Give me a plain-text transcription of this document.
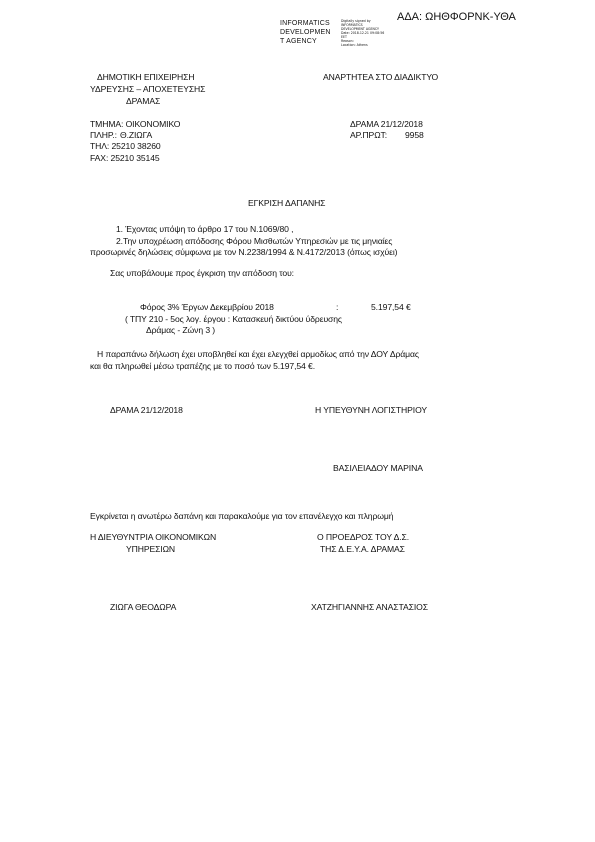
ΑΔΑ: ΩΗΘΦΟΡΝΚ-ΥΘΑ
INFORMATICS
DEVELOPMEN
T AGENCY
Digitally signed by
INFORMATICS
DEVELOPMENT AGENCY
Date: 2018.12.21 09:08:56
EET
Reason:
Location: Athens
ΔΗΜΟΤΙΚΗ ΕΠΙΧΕΙΡΗΣΗ
ΥΔΡΕΥΣΗΣ – ΑΠΟΧΕΤΕΥΣΗΣ
ΔΡΑΜΑΣ
ΑΝΑΡΤΗΤΕΑ ΣΤΟ ΔΙΑΔΙΚΤΥΟ
ΤΜΗΜΑ: ΟΙΚΟΝΟΜΙΚΟ
ΠΛΗΡ.: Θ.ΖΙΩΓΑ
ΤΗΛ: 25210 38260
FAX: 25210 35145
ΔΡΑΜΑ 21/12/2018
ΑΡ.ΠΡΩΤ: 9958
ΕΓΚΡΙΣΗ ΔΑΠΑΝΗΣ
1. Έχοντας υπόψη το άρθρο 17 του Ν.1069/80 ,
2.Την υποχρέωση απόδοσης Φόρου Μισθωτών Υπηρεσιών με τις μηνιαίες
προσωρινές δηλώσεις σύμφωνα με τον Ν.2238/1994 & Ν.4172/2013 (όπως ισχύει)
Σας υποβάλουμε προς έγκριση την απόδοση του:
Φόρος 3% Έργων Δεκεμβρίου 2018	:	5.197,54 €
( ΤΠΥ 210 - 5ος λογ. έργου : Κατασκευή δικτύου ύδρευσης
Δράμας - Ζώνη 3 )
Η παραπάνω δήλωση έχει υποβληθεί και έχει ελεγχθεί αρμοδίως από την ΔΟΥ Δράμας
και θα πληρωθεί μέσω τραπέζης με το ποσό των 5.197,54 €.
ΔΡΑΜΑ 21/12/2018	Η ΥΠΕΥΘΥΝΗ ΛΟΓΙΣΤΗΡΙΟΥ
ΒΑΣΙΛΕΙΑΔΟΥ ΜΑΡΙΝΑ
Εγκρίνεται η ανωτέρω δαπάνη και παρακαλούμε για τον επανέλεγχο και πληρωμή
Η ΔΙΕΥΘΥΝΤΡΙΑ ΟΙΚΟΝΟΜΙΚΩΝ
ΥΠΗΡΕΣΙΩΝ
Ο ΠΡΟΕΔΡΟΣ ΤΟΥ Δ.Σ.
ΤΗΣ Δ.Ε.Υ.Α. ΔΡΑΜΑΣ
ΖΙΩΓΑ ΘΕΟΔΩΡΑ	ΧΑΤΖΗΓΙΑΝΝΗΣ ΑΝΑΣΤΑΣΙΟΣ
